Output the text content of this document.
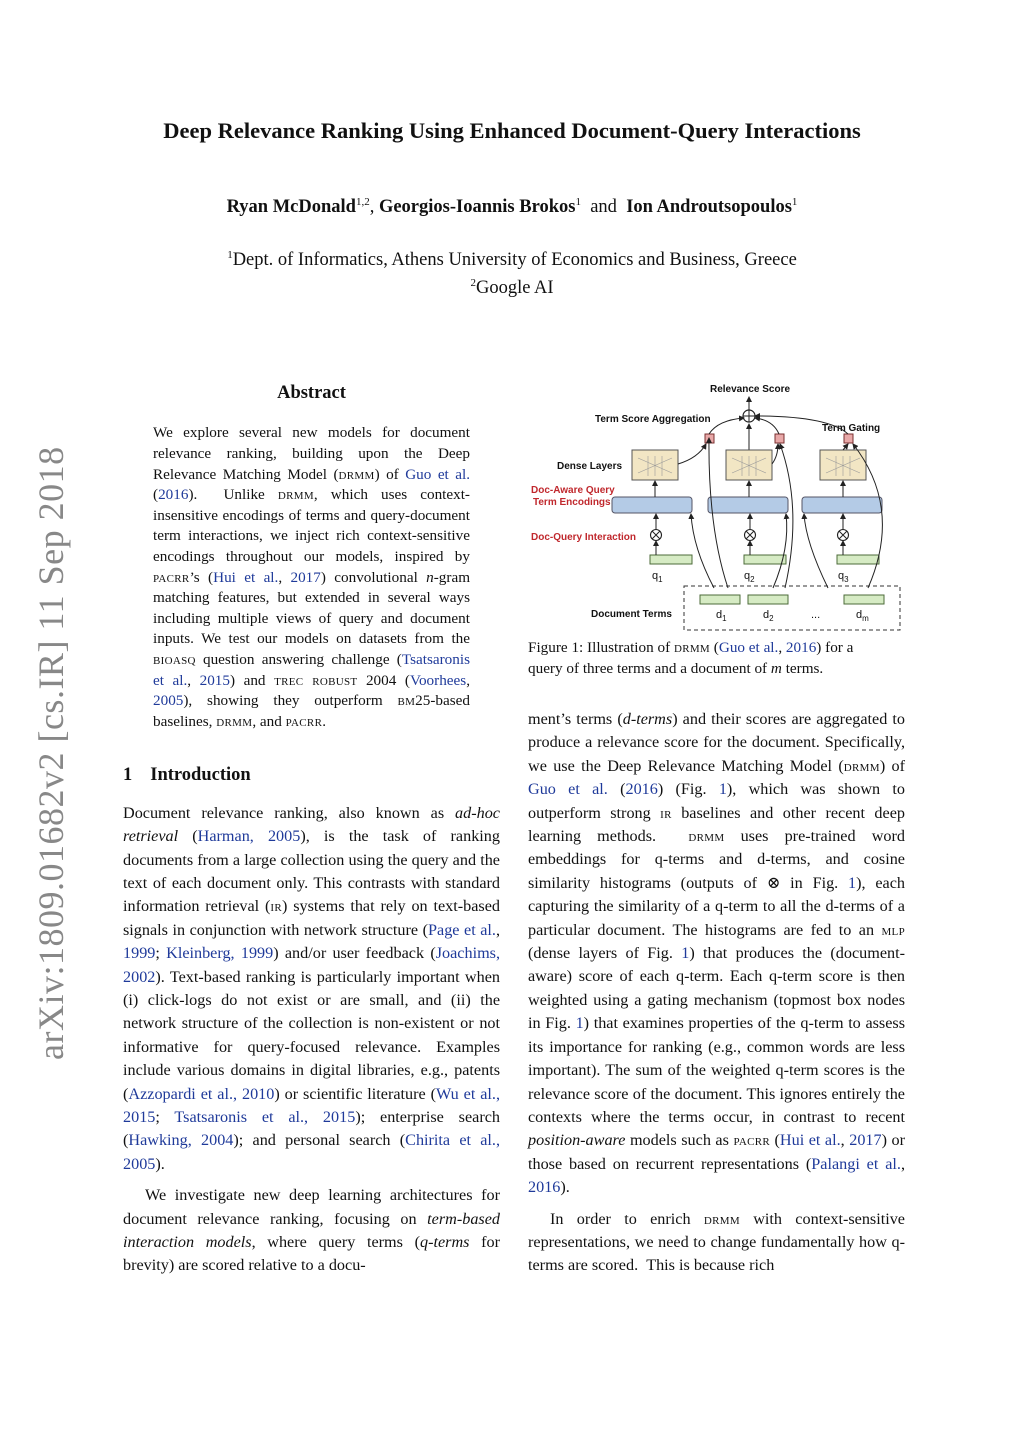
Deep Relevance Ranking Using Enhanced Document-Query Interactions
Ryan McDonald$^{1,2}$, Georgios-Ioannis Brokos$^1$ and Ion Androutsopoulos$^1$
$^1$Dept. of Informatics, Athens University of Economics and Business, Greece
$^2$Google AI
arXiv:1809.01682v2 [cs.IR] 11 Sep 2018
Abstract
We explore several new models for document relevance ranking, building upon the Deep Relevance Matching Model (drmm) of Guo et al. (2016).  Unlike drmm, which uses context-insensitive encodings of terms and query-document term interactions, we inject rich context-sensitive encodings throughout our models, inspired by pacrr’s (Hui et al., 2017) convolutional n-gram matching features, but extended in several ways including multiple views of query and document inputs. We test our models on datasets from the bioasq question answering challenge (Tsatsaronis et al., 2015) and trec robust 2004 (Voorhees, 2005), showing they outperform bm25-based baselines, drmm, and pacrr.
1 Introduction

Document relevance ranking, also known as ad-hoc retrieval (Harman, 2005), is the task of ranking documents from a large collection using the query and the text of each document only. This contrasts with standard information retrieval (ir) systems that rely on text-based signals in conjunction with network structure (Page et al., 1999; Kleinberg, 1999) and/or user feedback (Joachims, 2002). Text-based ranking is particularly important when (i) click-logs do not exist or are small, and (ii) the network structure of the collection is non-existent or not informative for query-focused relevance. Examples include various domains in digital libraries, e.g., patents (Azzopardi et al., 2010) or scientific literature (Wu et al., 2015; Tsatsaronis et al., 2015); enterprise search (Hawking, 2004); and personal search (Chirita et al., 2005).

We investigate new deep learning architectures for document relevance ranking, focusing on term-based interaction models, where query terms (q-terms for brevity) are scored relative to a docu-

Relevance Score
Term Score Aggregation
Term Gating
Dense Layers
Doc-Aware Query
Term Encodings
Doc-Query Interaction
$q_1$	$q_2$	$q_3$
Document Terms	$d_1$	$d_2$	...	$d_m$
Figure 1: Illustration of drmm (Guo et al., 2016) for a
query of three terms and a document of m terms.

ment’s terms (d-terms) and their scores are aggregated to produce a relevance score for the document. Specifically, we use the Deep Relevance Matching Model (drmm) of Guo et al. (2016) (Fig. 1), which was shown to outperform strong ir baselines and other recent deep learning methods.  drmm uses pre-trained word embeddings for q-terms and d-terms, and cosine similarity histograms (outputs of ⊗ in Fig. 1), each capturing the similarity of a q-term to all the d-terms of a particular document. The histograms are fed to an mlp (dense layers of Fig. 1) that produces the (document-aware) score of each q-term. Each q-term score is then weighted using a gating mechanism (topmost box nodes in Fig. 1) that examines properties of the q-term to assess its importance for ranking (e.g., common words are less important). The sum of the weighted q-term scores is the relevance score of the document. This ignores entirely the contexts where the terms occur, in contrast to recent position-aware models such as pacrr (Hui et al., 2017) or those based on recurrent representations (Palangi et al., 2016).

In order to enrich drmm with context-sensitive representations, we need to change fundamentally how q-terms are scored.  This is because rich
